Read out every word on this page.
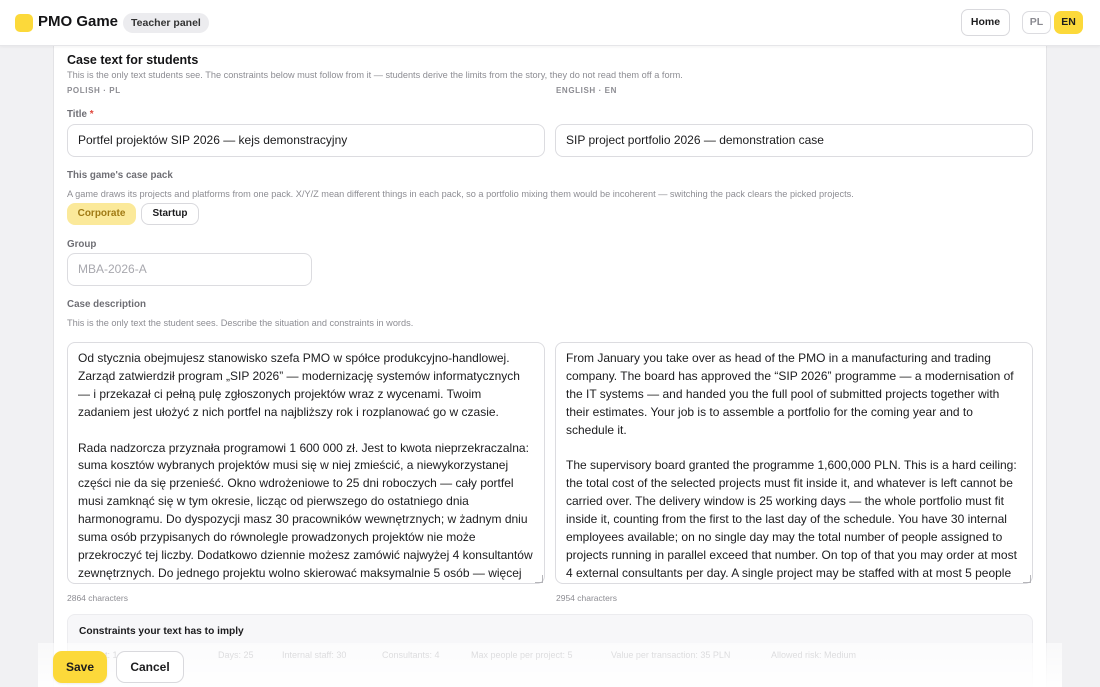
PMO Game	Teacher panel	Home	PL	EN
Case text for students
This is the only text students see. The constraints below must follow from it — students derive the limits from the story, they do not read them off a form.
POLISH · PL	ENGLISH · EN
Title *
Portfel projektów SIP 2026 — kejs demonstracyjny	SIP project portfolio 2026 — demonstration case
This game's case pack
A game draws its projects and platforms from one pack. X/Y/Z mean different things in each pack, so a portfolio mixing them would be incoherent — switching the pack clears the picked projects.
Corporate	Startup
Group
MBA-2026-A
Case description
This is the only text the student sees. Describe the situation and constraints in words.
Od stycznia obejmujesz stanowisko szefa PMO w spółce produkcyjno-handlowej. Zarząd zatwierdził program „SIP 2026” — modernizację systemów informatycznych — i przekazał ci pełną pulę zgłoszonych projektów wraz z wycenami. Twoim zadaniem jest ułożyć z nich portfel na najbliższy rok i rozplanować go w czasie.

Rada nadzorcza przyznała programowi 1 600 000 zł. Jest to kwota nieprzekraczalna: suma kosztów wybranych projektów musi się w niej zmieścić, a niewykorzystanej części nie da się przenieść. Okno wdrożeniowe to 25 dni roboczych — cały portfel musi zamknąć się w tym okresie, licząc od pierwszego do ostatniego dnia harmonogramu. Do dyspozycji masz 30 pracowników wewnętrznych; w żadnym dniu suma osób przypisanych do równolegle prowadzonych projektów nie może przekroczyć tej liczby. Dodatkowo dziennie możesz zamówić najwyżej 4 konsultantów zewnętrznych. Do jednego projektu wolno skierować maksymalnie 5 osób — więcej
From January you take over as head of the PMO in a manufacturing and trading company. The board has approved the “SIP 2026” programme — a modernisation of the IT systems — and handed you the full pool of submitted projects together with their estimates. Your job is to assemble a portfolio for the coming year and to schedule it.

The supervisory board granted the programme 1,600,000 PLN. This is a hard ceiling: the total cost of the selected projects must fit inside it, and whatever is left cannot be carried over. The delivery window is 25 working days — the whole portfolio must fit inside it, counting from the first to the last day of the schedule. You have 30 internal employees available; on no single day may the total number of people assigned to projects running in parallel exceed that number. On top of that you may order at most 4 external consultants per day. A single project may be staffed with at most 5 people
2864 characters	2954 characters
Constraints your text has to imply
Save	Cancel
